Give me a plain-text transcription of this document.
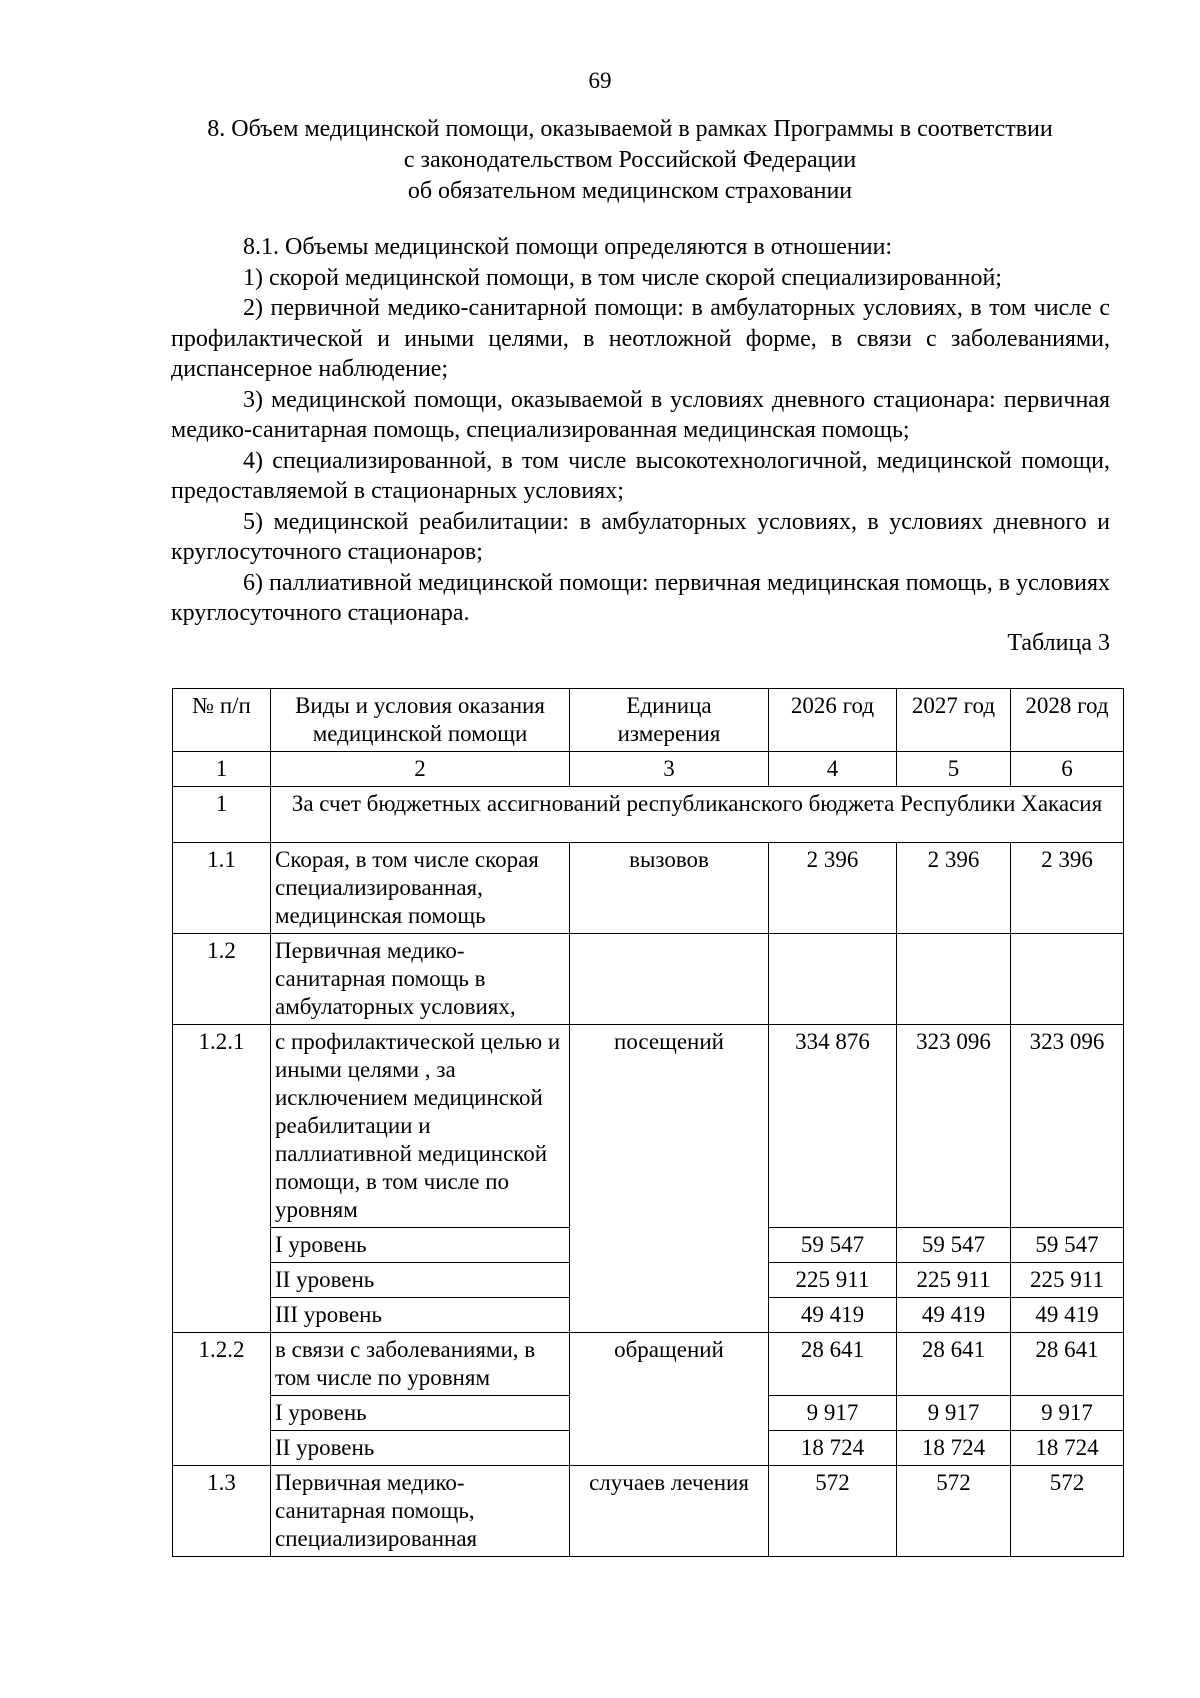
69
8. Объем медицинской помощи, оказываемой в рамках Программы в соответствии
с законодательством Российской Федерации
об обязательном медицинском страховании

8.1. Объемы медицинской помощи определяются в отношении:

1) скорой медицинской помощи, в том числе скорой специализированной;

2) первичной медико-санитарной помощи: в амбулаторных условиях, в том числе с профилактической и иными целями, в неотложной форме, в связи с заболеваниями, диспансерное наблюдение;

3) медицинской помощи, оказываемой в условиях дневного стационара: первичная медико-санитарная помощь, специализированная медицинская помощь;

4) специализированной, в том числе высокотехнологичной, медицинской помощи, предоставляемой в стационарных условиях;

5) медицинской реабилитации: в амбулаторных условиях, в условиях дневного и круглосуточного стационаров;

6) паллиативной медицинской помощи: первичная медицинская помощь, в условиях круглосуточного стационара.

Таблица 3
№ п/п	Виды и условия оказания медицинской помощи	Единица измерения	2026 год	2027 год	2028 год
1	2	3	4	5	6
1	За счет бюджетных ассигнований республиканского бюджета Республики Хакасия				
1.1	Скорая, в том числе скорая специализированная, медицинская помощь	вызовов	2 396	2 396	2 396
1.2	Первичная медико-санитарная помощь в амбулаторных условиях,				
1.2.1	с профилактической целью и иными целями , за исключением медицинской реабилитации и паллиативной медицинской помощи, в том числе по уровням	посещений	334 876	323 096	323 096
	I уровень		59 547	59 547	59 547
	II уровень		225 911	225 911	225 911
	III уровень		49 419	49 419	49 419
1.2.2	в связи с заболеваниями, в том числе по уровням	обращений	28 641	28 641	28 641
	I уровень		9 917	9 917	9 917
	II уровень		18 724	18 724	18 724
1.3	Первичная медико-санитарная помощь, специализированная	случаев лечения	572	572	572
